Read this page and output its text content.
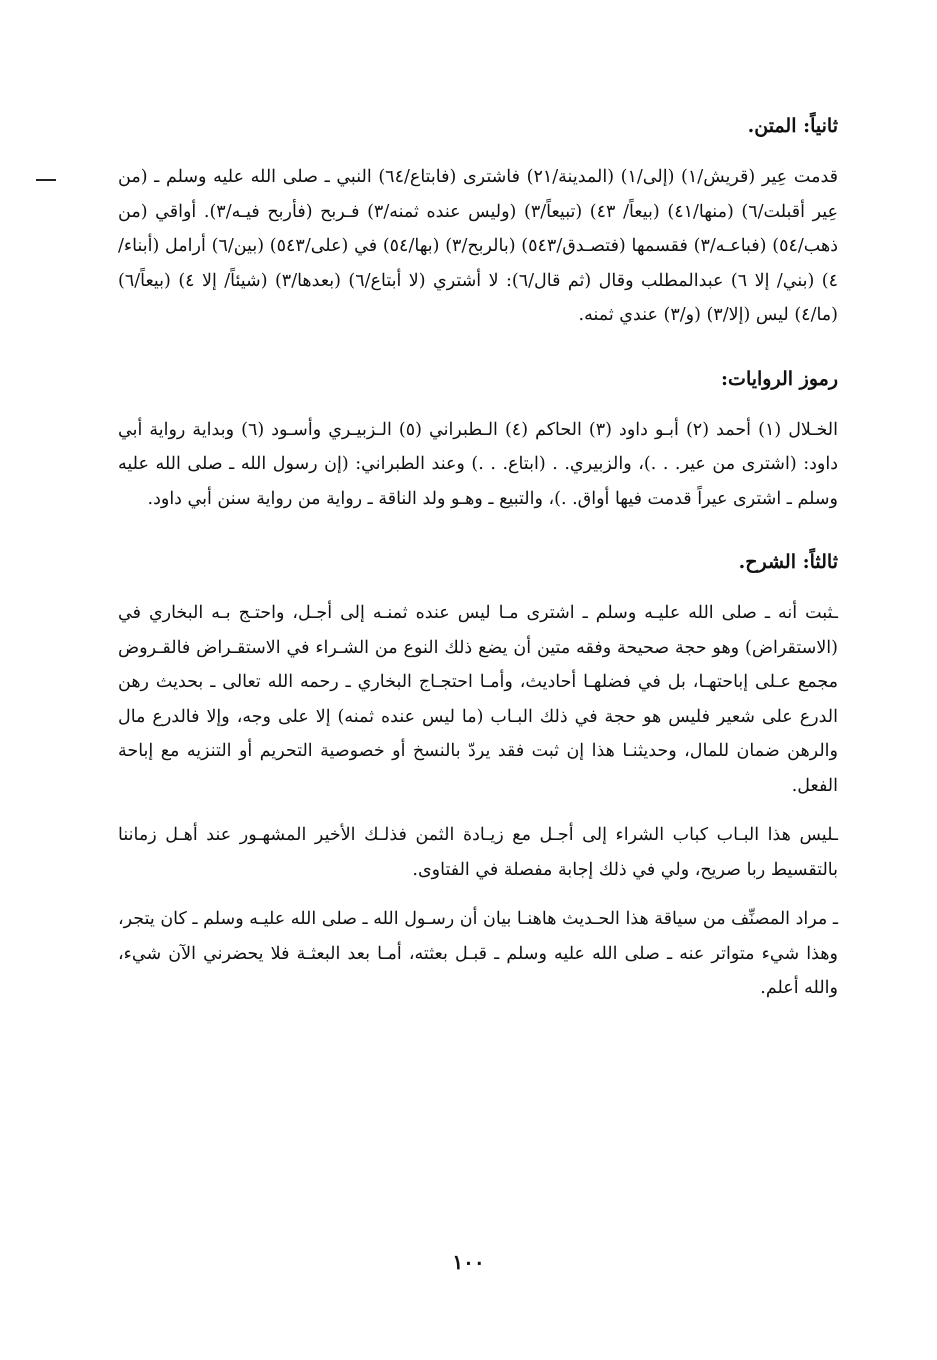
ثانياً: المتن.

قدمت عِير (قريش/١) (إلى/١) (المدينة/٢١) فاشترى (فابتاع/٦٤) النبي ـ صلى الله عليه وسلم ـ (من عِير أقبلت/٦) (منها/٤١) (بيعاً/ ٤٣) (تبيعاً/٣) (وليس عنده ثمنه/٣) فـربح (فأربح فيـه/٣). أواقي (من ذهب/٥٤) (فباعـه/٣) فقسمها (فتصـدق/٥٤٣) (بالربح/٣) (بها/٥٤) في (على/٥٤٣) (بين/٦) أرامل (أبناء/٤) (بني/ إلا ٦) عبدالمطلب وقال (ثم قال/٦): لا أشتري (لا أبتاع/٦) (بعدها/٣) (شيئاً/ إلا ٤) (بيعاً/٦) (ما/٤) ليس (إلا/٣) (و/٣) عندي ثمنه.

رموز الروايات:

الخـلال (١) أحمد (٢) أبـو داود (٣) الحاكم (٤) الـطبراني (٥) الـزبيـري وأسـود (٦) وبداية رواية أبي داود: (اشترى من عير. . .)، والزبيري. . (ابتاع. . .) وعند الطبراني: (إن رسول الله ـ صلى الله عليه وسلم ـ اشترى عيراً قدمت فيها أواق. .)، والتبيع ـ وهـو ولد الناقة ـ رواية من رواية سنن أبي داود.

ثالثاً: الشرح.

ـثبت أنه ـ صلى الله عليـه وسلم ـ اشترى مـا ليس عنده ثمنـه إلى أجـل، واحتـج بـه البخاري في (الاستقراض) وهو حجة صحيحة وفقه متين أن يضع ذلك النوع من الشـراء في الاستقـراض فالقـروض مجمع عـلى إباحتهـا، بل في فضلهـا أحاديث، وأمـا احتجـاج البخاري ـ رحمه الله تعالى ـ بحديث رهن الدرع على شعير فليس هو حجة في ذلك البـاب (ما ليس عنده ثمنه) إلا على وجه، وإلا فالدرع مال والرهن ضمان للمال، وحديثنـا هذا إن ثبت فقد يردّ بالنسخ أو خصوصية التحريم أو التنزيه مع إباحة الفعل.

ـليس هذا البـاب كباب الشراء إلى أجـل مع زيـادة الثمن فذلـك الأخير المشهـور عند أهـل زماننا بالتقسيط ربا صريح، ولي في ذلك إجابة مفصلة في الفتاوى.

ـ مراد المصنِّف من سياقة هذا الحـديث هاهنـا بيان أن رسـول الله ـ صلى الله عليـه وسلم ـ كان يتجر، وهذا شيء متواتر عنه ـ صلى الله عليه وسلم ـ قبـل بعثته، أمـا بعد البعثـة فلا يحضرني الآن شيء، والله أعلم.

١٠٠
